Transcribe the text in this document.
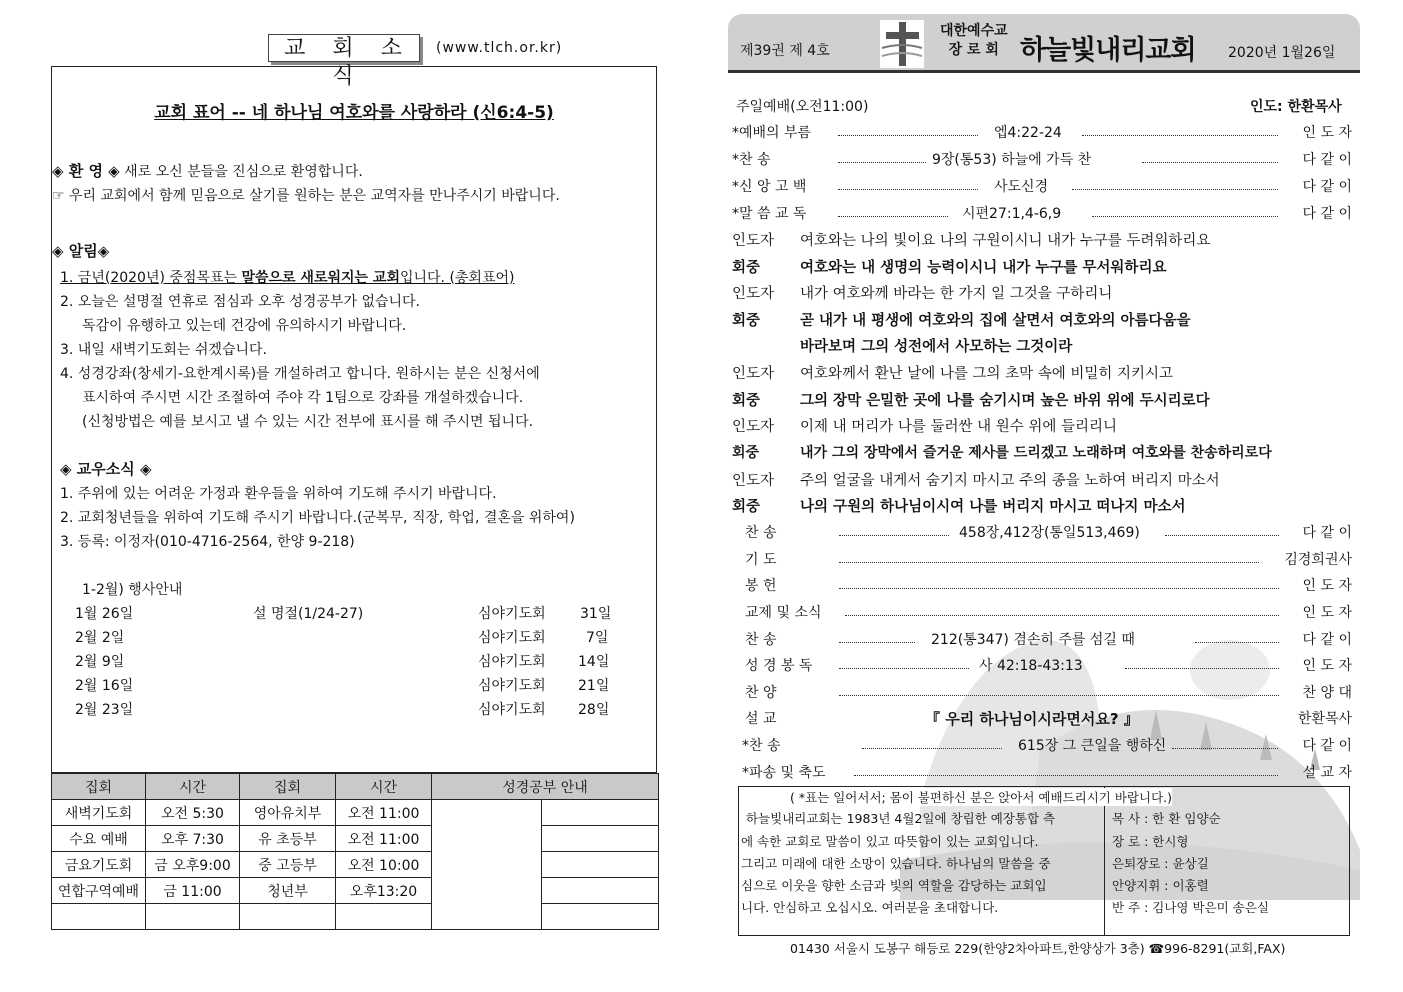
교 회 소 식
(www.tlch.or.kr)
교회 표어 -- 네 하나님 여호와를 사랑하라 (신6:4-5)
◈ 환 영 ◈ 새로 오신 분들을 진심으로 환영합니다.
☞ 우리 교회에서 함께 믿음으로 살기를 원하는 분은 교역자를 만나주시기 바랍니다.
◈ 알림◈
1. 금년(2020년) 중점목표는 말씀으로 새로워지는 교회입니다. (총회표어)
2. 오늘은 설명절 연휴로 점심과 오후 성경공부가 없습니다.
독감이 유행하고 있는데 건강에 유의하시기 바랍니다.
3. 내일 새벽기도회는 쉬겠습니다.
4. 성경강좌(창세기-요한계시록)를 개설하려고 합니다. 원하시는 분은 신청서에
표시하여 주시면 시간 조절하여 주야 각 1팀으로 강좌를 개설하겠습니다.
(신청방법은 예를 보시고 낼 수 있는 시간 전부에 표시를 해 주시면 됩니다.
◈ 교우소식 ◈
1. 주위에 있는 어려운 가정과 환우들을 위하여 기도해 주시기 바랍니다.
2. 교회청년들을 위하여 기도해 주시기 바랍니다.(군복무, 직장, 학업, 결혼을 위하여)
3. 등록: 이정자(010-4716-2564, 한양 9-218)
1-2월) 행사안내
1월 26일	설 명절(1/24-27)	심야기도회 31일
2월 2일	심야기도회	7일
2월 9일	심야기도회 14일
2월 16일	심야기도회 21일
2월 23일	심야기도회 28일
집회	시간	집회	시간	성경공부 안내	
새벽기도회	오전 5:30	영아유치부	오전 11:00		
수요 예배	오후 7:30	유 초등부	오전 11:00		
금요기도회	금 오후9:00	중 고등부	오전 10:00		
연합구역예배	금 11:00	청년부	오후13:20		

제39권 제 4호
대한예수교
장 로 회 하늘빛내리교회 2020년 1월26일
주일예배(오전11:00)	인도: 한환목사
*예배의 부름	엡4:22-24	인 도 자
*찬 송	9장(통53) 하늘에 가득 찬	다 같 이
*신 앙 고 백	사도신경	다 같 이
*말 씀 교 독	시편27:1,4-6,9	다 같 이
인도자 여호와는 나의 빛이요 나의 구원이시니 내가 누구를 두려워하리요
회중	여호와는 내 생명의 능력이시니 내가 누구를 무서워하리요
인도자 내가 여호와께 바라는 한 가지 일 그것을 구하리니
회중	곧 내가 내 평생에 여호와의 집에 살면서 여호와의 아름다움을
바라보며 그의 성전에서 사모하는 그것이라
인도자 여호와께서 환난 날에 나를 그의 초막 속에 비밀히 지키시고
회중	그의 장막 은밀한 곳에 나를 숨기시며 높은 바위 위에 두시리로다
인도자 이제 내 머리가 나를 둘러싼 내 원수 위에 들리리니
회중	내가 그의 장막에서 즐거운 제사를 드리겠고 노래하며 여호와를 찬송하리로다
인도자 주의 얼굴을 내게서 숨기지 마시고 주의 종을 노하여 버리지 마소서
회중	나의 구원의 하나님이시여 나를 버리지 마시고 떠나지 마소서
찬 송	458장,412장(통일513,469)	다 같 이
기 도	김경희권사
봉 헌	인 도 자
교제 및 소식	인 도 자
찬 송	212(통347) 겸손히 주를 섬길 때	다 같 이
성 경 봉 독	사 42:18-43:13	인 도 자
찬 양	찬 양 대
설 교	『 우리 하나님이시라면서요? 』	한환목사
*찬 송	615장 그 큰일을 행하신	다 같 이
*파송 및 축도	설 교 자
( *표는 일어서서; 몸이 불편하신 분은 앉아서 예배드리시기 바랍니다.)
하늘빛내리교회는 1983년 4월2일에 창립한 예장통합 측
에 속한 교회로 말씀이 있고 따뜻함이 있는 교회입니다.
그리고 미래에 대한 소망이 있습니다. 하나님의 말씀을 중
심으로 이웃을 향한 소금과 빛의 역할을 감당하는 교회입
니다. 안심하고 오십시오. 여러분을 초대합니다.
목 사 : 한 환 임양순
장 로 : 한시형
은퇴장로 : 윤상길
안양지휘 : 이홍렬
반 주 : 김나영 박은미 송은실
01430 서울시 도봉구 해등로 229(한양2차아파트,한양상가 3층) ☎996-8291(교회,FAX)
